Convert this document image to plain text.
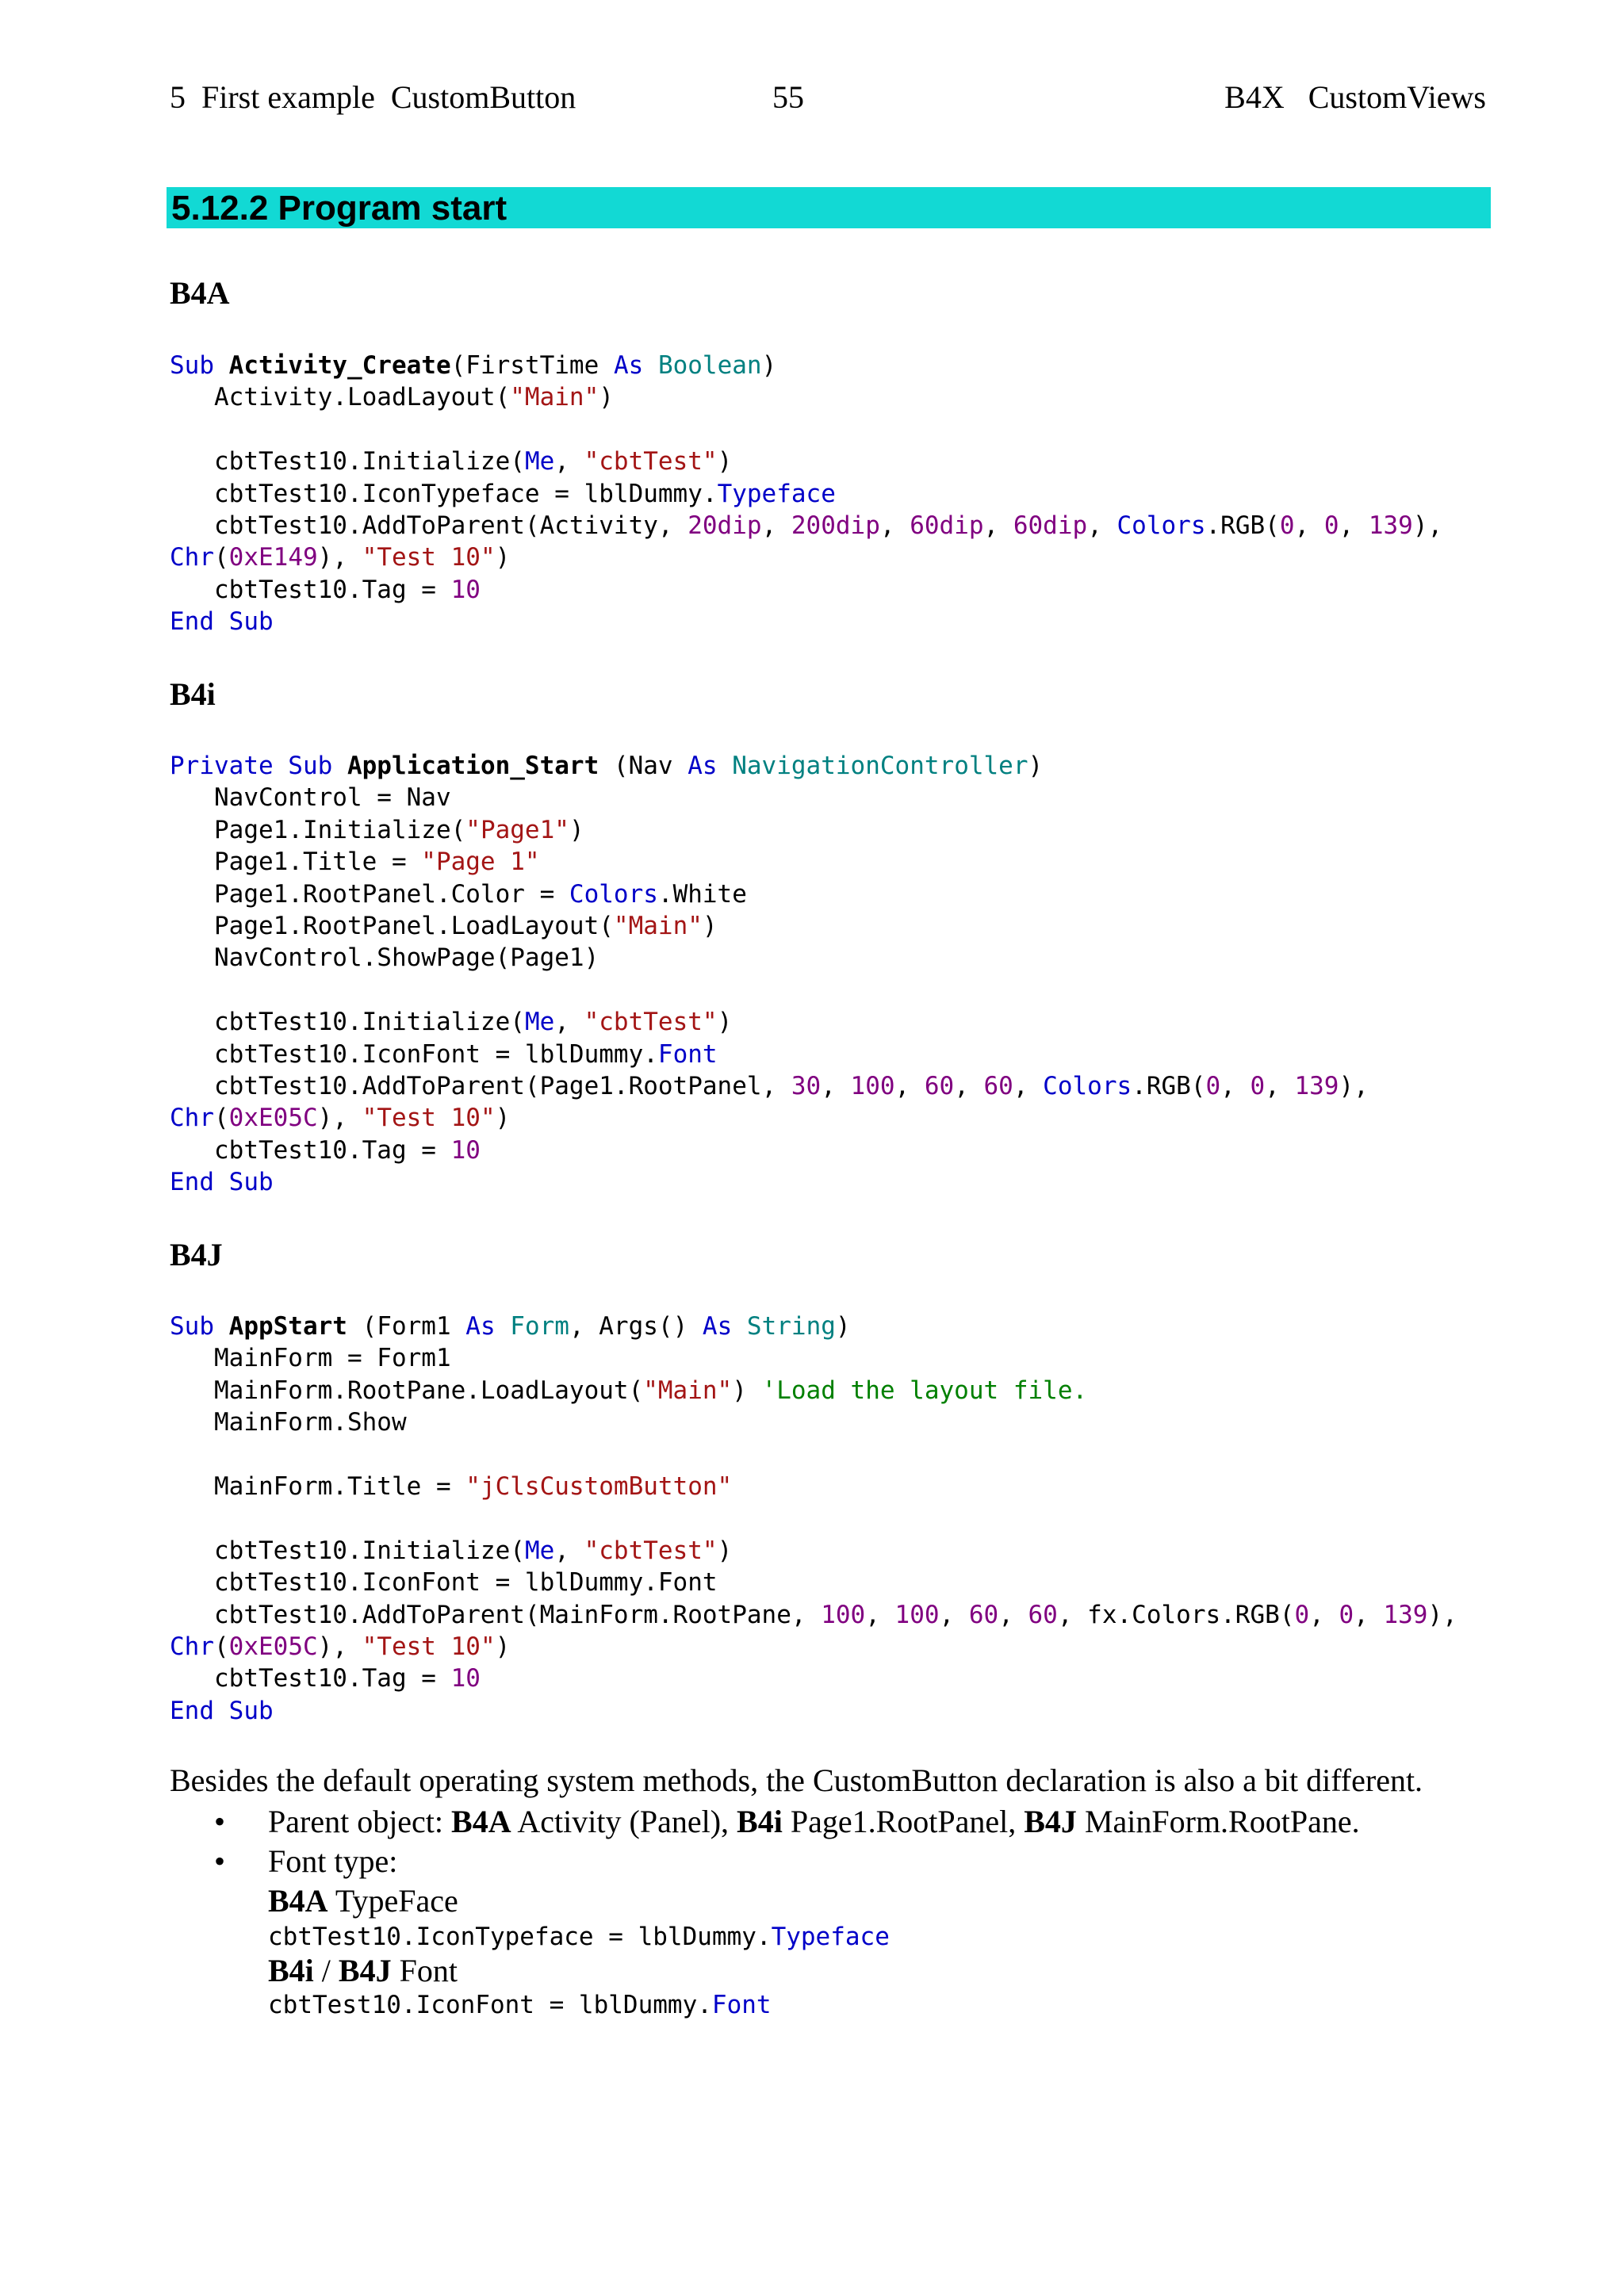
5  First example  CustomButton	55	B4X   CustomViews
5.12.2 Program start
B4A
Sub Activity_Create(FirstTime As Boolean)
Activity.LoadLayout("Main")

cbtTest10.Initialize(Me, "cbtTest")
cbtTest10.IconTypeface = lblDummy.Typeface
cbtTest10.AddToParent(Activity, 20dip, 200dip, 60dip, 60dip, Colors.RGB(0, 0, 139),
Chr(0xE149), "Test 10")
cbtTest10.Tag = 10
End Sub
B4i
Private Sub Application_Start (Nav As NavigationController)
NavControl = Nav
Page1.Initialize("Page1")
Page1.Title = "Page 1"
Page1.RootPanel.Color = Colors.White
Page1.RootPanel.LoadLayout("Main")
NavControl.ShowPage(Page1)

cbtTest10.Initialize(Me, "cbtTest")
cbtTest10.IconFont = lblDummy.Font
cbtTest10.AddToParent(Page1.RootPanel, 30, 100, 60, 60, Colors.RGB(0, 0, 139),
Chr(0xE05C), "Test 10")
cbtTest10.Tag = 10
End Sub
B4J
Sub AppStart (Form1 As Form, Args() As String)
MainForm = Form1
MainForm.RootPane.LoadLayout("Main") 'Load the layout file.
MainForm.Show

MainForm.Title = "jClsCustomButton"

cbtTest10.Initialize(Me, "cbtTest")
cbtTest10.IconFont = lblDummy.Font
cbtTest10.AddToParent(MainForm.RootPane, 100, 100, 60, 60, fx.Colors.RGB(0, 0, 139),
Chr(0xE05C), "Test 10")
cbtTest10.Tag = 10
End Sub
Besides the default operating system methods, the CustomButton declaration is also a bit different.
• Parent object: B4A Activity (Panel), B4i Page1.RootPanel, B4J MainForm.RootPane.
• Font type:
B4A TypeFace
cbtTest10.IconTypeface = lblDummy.Typeface
B4i / B4J Font
cbtTest10.IconFont = lblDummy.Font
